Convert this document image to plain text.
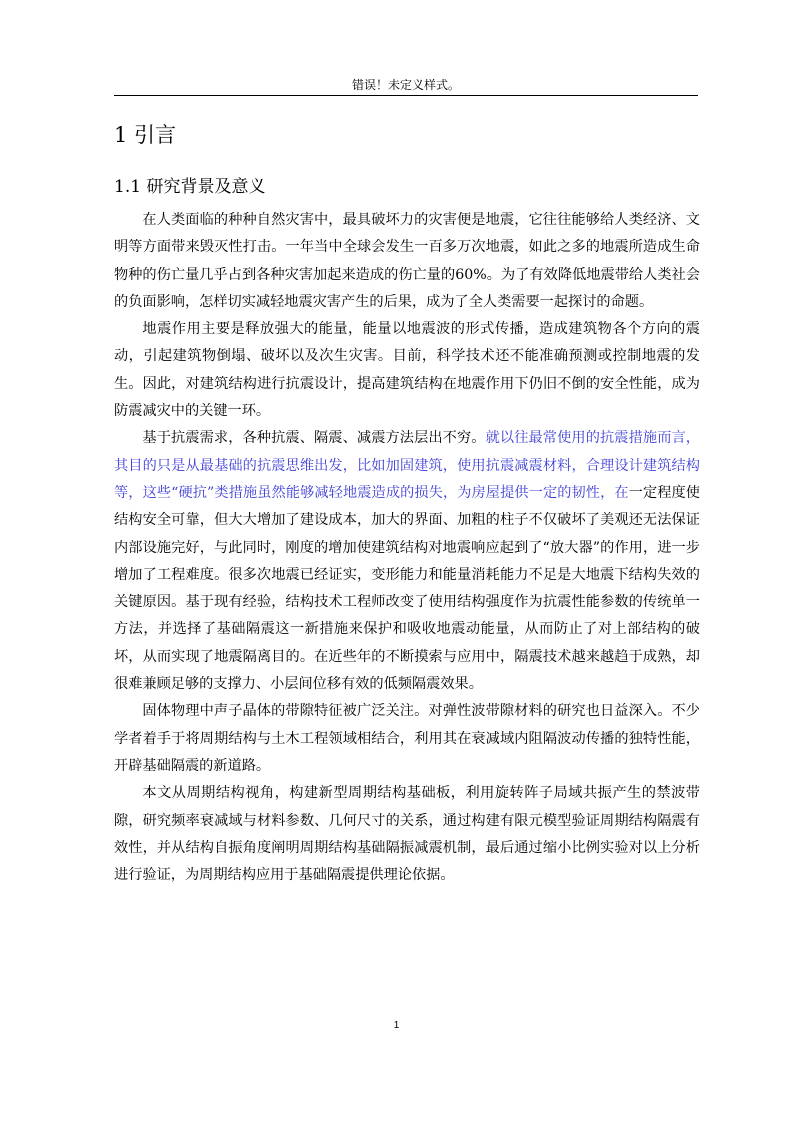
错误！未定义样式。
1 引言
1.1 研究背景及意义

在人类面临的种种自然灾害中，最具破坏力的灾害便是地震，它往往能够给人类经济、文明等方面带来毁灭性打击。一年当中全球会发生一百多万次地震，如此之多的地震所造成生命物种的伤亡量几乎占到各种灾害加起来造成的伤亡量的60%。为了有效降低地震带给人类社会的负面影响，怎样切实减轻地震灾害产生的后果，成为了全人类需要一起探讨的命题。

地震作用主要是释放强大的能量，能量以地震波的形式传播，造成建筑物各个方向的震动，引起建筑物倒塌、破坏以及次生灾害。目前，科学技术还不能准确预测或控制地震的发生。因此，对建筑结构进行抗震设计，提高建筑结构在地震作用下仍旧不倒的安全性能，成为防震减灾中的关键一环。

基于抗震需求，各种抗震、隔震、减震方法层出不穷。就以往最常使用的抗震措施而言，其目的只是从最基础的抗震思维出发，比如加固建筑，使用抗震减震材料，合理设计建筑结构等，这些“硬抗”类措施虽然能够减轻地震造成的损失，为房屋提供一定的韧性，在一定程度使结构安全可靠，但大大增加了建设成本，加大的界面、加粗的柱子不仅破坏了美观还无法保证内部设施完好，与此同时，刚度的增加使建筑结构对地震响应起到了“放大器”的作用，进一步增加了工程难度。很多次地震已经证实，变形能力和能量消耗能力不足是大地震下结构失效的关键原因。基于现有经验，结构技术工程师改变了使用结构强度作为抗震性能参数的传统单一方法，并选择了基础隔震这一新措施来保护和吸收地震动能量，从而防止了对上部结构的破坏，从而实现了地震隔离目的。在近些年的不断摸索与应用中，隔震技术越来越趋于成熟，却很难兼顾足够的支撑力、小层间位移有效的低频隔震效果。

固体物理中声子晶体的带隙特征被广泛关注。对弹性波带隙材料的研究也日益深入。不少学者着手于将周期结构与土木工程领域相结合，利用其在衰减域内阻隔波动传播的独特性能，开辟基础隔震的新道路。

本文从周期结构视角，构建新型周期结构基础板，利用旋转阵子局域共振产生的禁波带隙，研究频率衰减域与材料参数、几何尺寸的关系，通过构建有限元模型验证周期结构隔震有效性，并从结构自振角度阐明周期结构基础隔振减震机制，最后通过缩小比例实验对以上分析进行验证，为周期结构应用于基础隔震提供理论依据。

1
